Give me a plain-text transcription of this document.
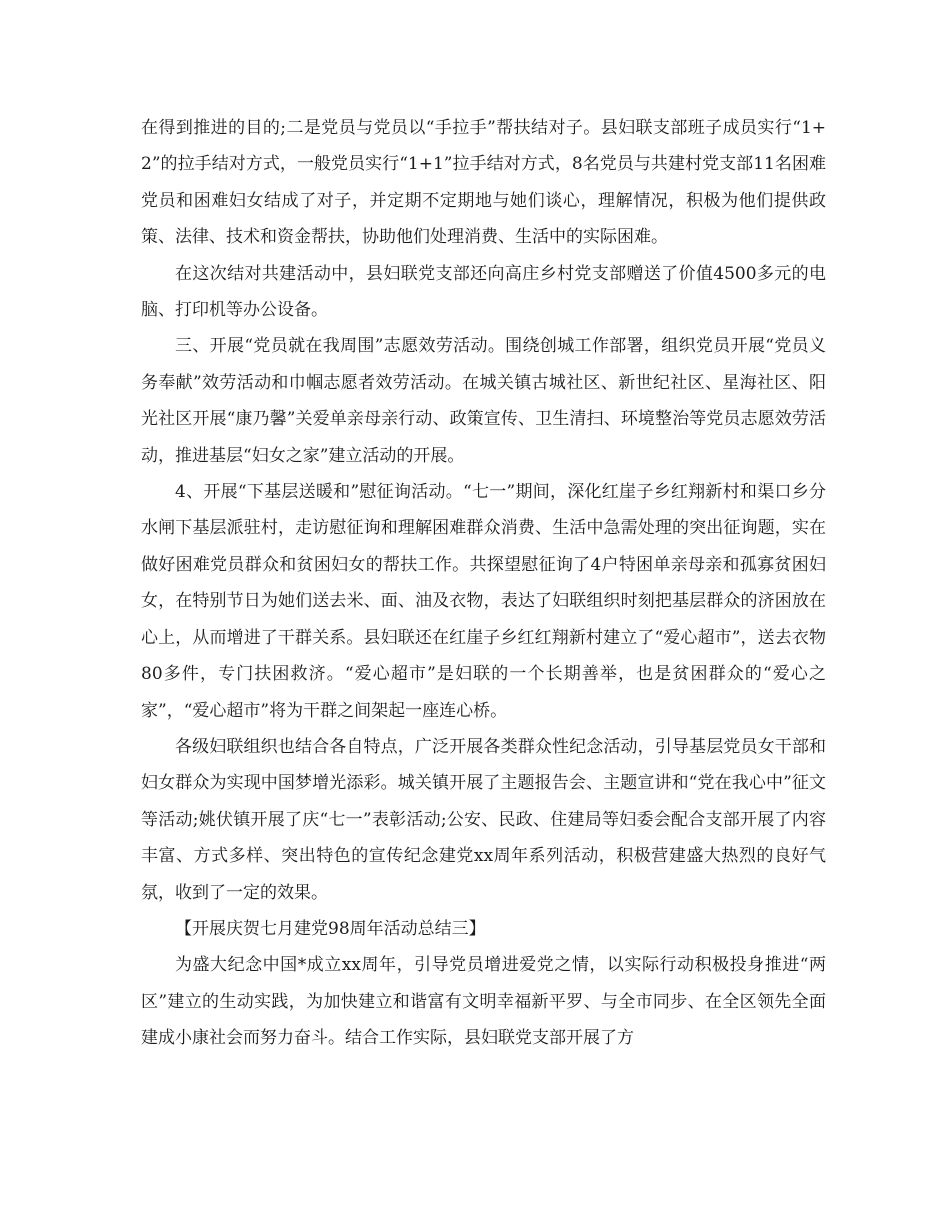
在得到推进的目的;二是党员与党员以“手拉手”帮扶结对子。县妇联支部班子成员实行“1+2”的拉手结对方式，一般党员实行“1+1”拉手结对方式，8名党员与共建村党支部11名困难党员和困难妇女结成了对子，并定期不定期地与她们谈心，理解情况，积极为他们提供政策、法律、技术和资金帮扶，协助他们处理消费、生活中的实际困难。

在这次结对共建活动中，县妇联党支部还向高庄乡村党支部赠送了价值4500多元的电脑、打印机等办公设备。

三、开展“党员就在我周围”志愿效劳活动。围绕创城工作部署，组织党员开展“党员义务奉献”效劳活动和巾帼志愿者效劳活动。在城关镇古城社区、新世纪社区、星海社区、阳光社区开展“康乃馨”关爱单亲母亲行动、政策宣传、卫生清扫、环境整治等党员志愿效劳活动，推进基层“妇女之家”建立活动的开展。

4、开展“下基层送暖和”慰征询活动。“七一”期间，深化红崖子乡红翔新村和渠口乡分水闸下基层派驻村，走访慰征询和理解困难群众消费、生活中急需处理的突出征询题，实在做好困难党员群众和贫困妇女的帮扶工作。共探望慰征询了4户特困单亲母亲和孤寡贫困妇女，在特别节日为她们送去米、面、油及衣物，表达了妇联组织时刻把基层群众的济困放在心上，从而增进了干群关系。县妇联还在红崖子乡红红翔新村建立了“爱心超市”，送去衣物80多件，专门扶困救济。“爱心超市”是妇联的一个长期善举，也是贫困群众的“爱心之家”，“爱心超市”将为干群之间架起一座连心桥。

各级妇联组织也结合各自特点，广泛开展各类群众性纪念活动，引导基层党员女干部和妇女群众为实现中国梦增光添彩。城关镇开展了主题报告会、主题宣讲和“党在我心中”征文等活动;姚伏镇开展了庆“七一”表彰活动;公安、民政、住建局等妇委会配合支部开展了内容丰富、方式多样、突出特色的宣传纪念建党xx周年系列活动，积极营建盛大热烈的良好气氛，收到了一定的效果。

【开展庆贺七月建党98周年活动总结三】

为盛大纪念中国*成立xx周年，引导党员增进爱党之情，以实际行动积极投身推进“两区”建立的生动实践，为加快建立和谐富有文明幸福新平罗、与全市同步、在全区领先全面建成小康社会而努力奋斗。结合工作实际，县妇联党支部开展了方
